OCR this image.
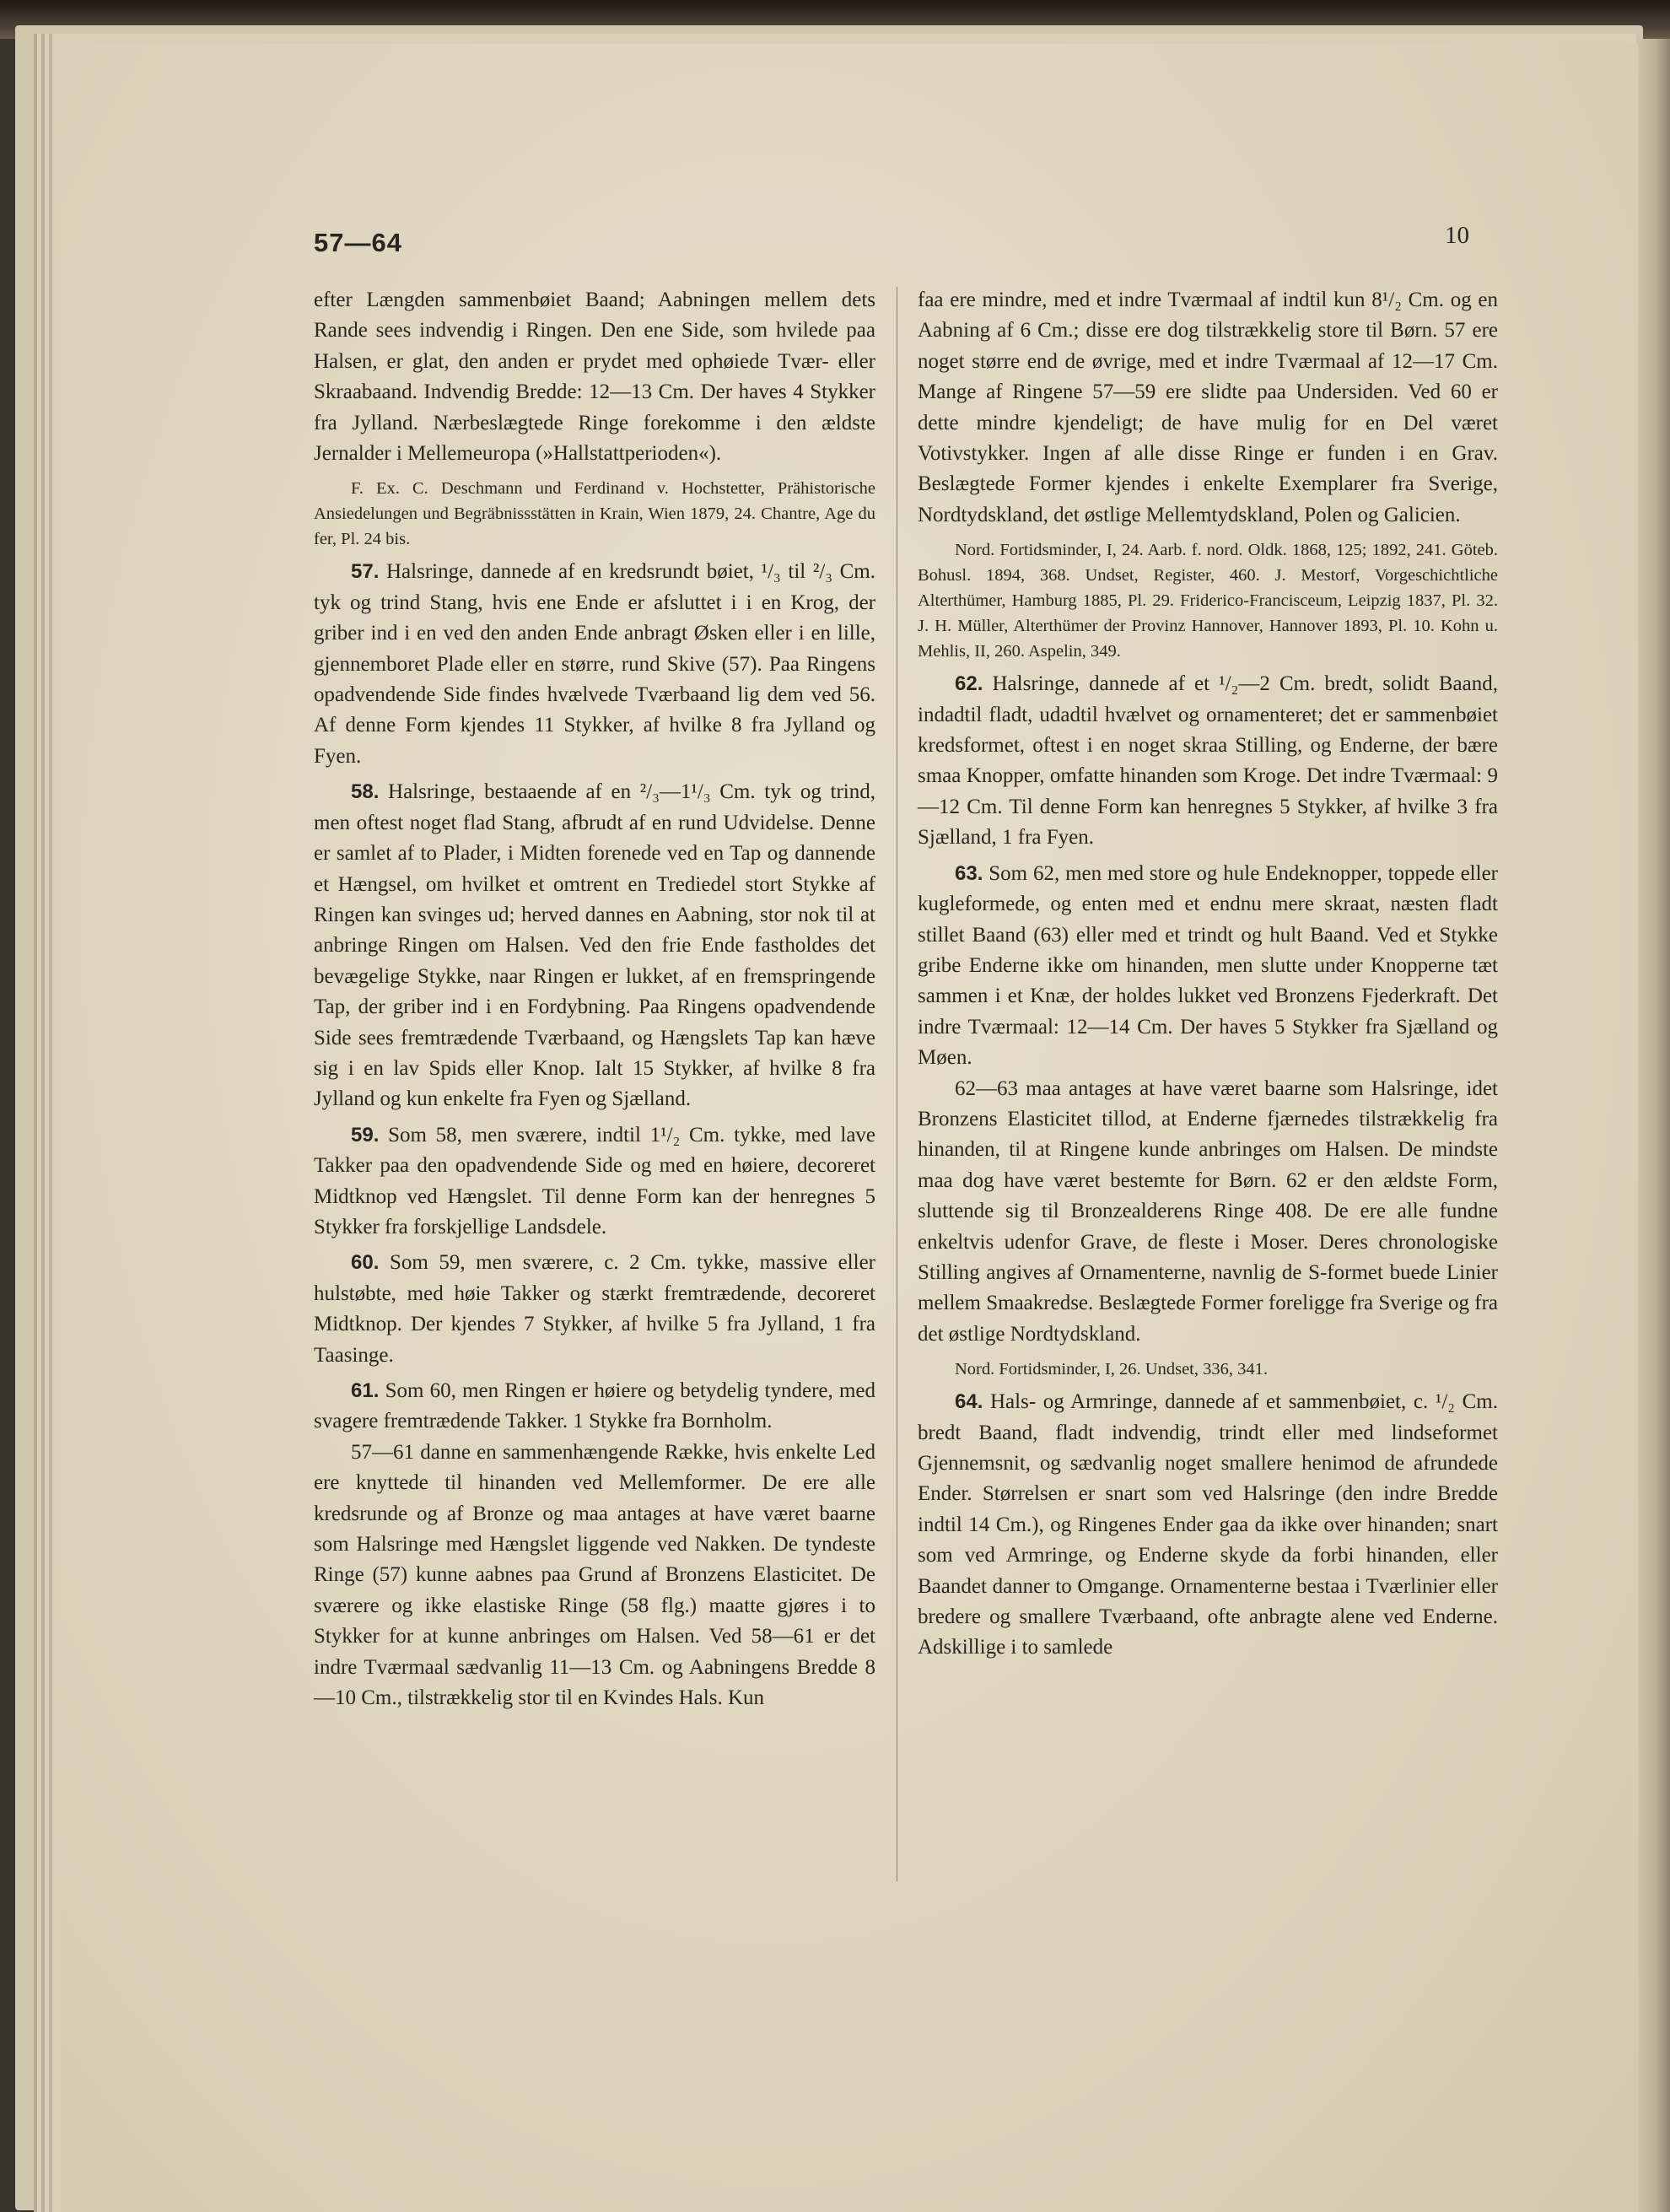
57—64	10

efter Længden sammenbøiet Baand; Aabningen mellem dets Rande sees indvendig i Ringen. Den ene Side, som hvilede paa Halsen, er glat, den anden er prydet med ophøiede Tvær- eller Skraabaand. Indvendig Bredde: 12—13 Cm. Der haves 4 Stykker fra Jylland. Nærbeslægtede Ringe forekomme i den ældste Jernalder i Mellemeuropa (»Hallstattperioden«).

F. Ex. C. Deschmann und Ferdinand v. Hochstetter, Prähistorische Ansiedelungen und Begräbnissstätten in Krain, Wien 1879, 24. Chantre, Age du fer, Pl. 24 bis.

57. Halsringe, dannede af en kredsrundt bøiet, ¹/₃ til ²/₃ Cm. tyk og trind Stang, hvis ene Ende er afsluttet i i en Krog, der griber ind i en ved den anden Ende anbragt Øsken eller i en lille, gjennemboret Plade eller en større, rund Skive (57). Paa Ringens opadvendende Side findes hvælvede Tværbaand lig dem ved 56. Af denne Form kjendes 11 Stykker, af hvilke 8 fra Jylland og Fyen.

58. Halsringe, bestaaende af en ²/₃—1¹/₃ Cm. tyk og trind, men oftest noget flad Stang, afbrudt af en rund Udvidelse. Denne er samlet af to Plader, i Midten forenede ved en Tap og dannende et Hængsel, om hvilket et omtrent en Trediedel stort Stykke af Ringen kan svinges ud; herved dannes en Aabning, stor nok til at anbringe Ringen om Halsen. Ved den frie Ende fastholdes det bevægelige Stykke, naar Ringen er lukket, af en fremspringende Tap, der griber ind i en Fordybning. Paa Ringens opadvendende Side sees fremtrædende Tværbaand, og Hængslets Tap kan hæve sig i en lav Spids eller Knop. Ialt 15 Stykker, af hvilke 8 fra Jylland og kun enkelte fra Fyen og Sjælland.

59. Som 58, men sværere, indtil 1¹/₂ Cm. tykke, med lave Takker paa den opadvendende Side og med en høiere, decoreret Midtknop ved Hængslet. Til denne Form kan der henregnes 5 Stykker fra forskjellige Landsdele.

60. Som 59, men sværere, c. 2 Cm. tykke, massive eller hulstøbte, med høie Takker og stærkt fremtrædende, decoreret Midtknop. Der kjendes 7 Stykker, af hvilke 5 fra Jylland, 1 fra Taasinge.

61. Som 60, men Ringen er høiere og betydelig tyndere, med svagere fremtrædende Takker. 1 Stykke fra Bornholm.

57—61 danne en sammenhængende Række, hvis enkelte Led ere knyttede til hinanden ved Mellemformer. De ere alle kredsrunde og af Bronze og maa antages at have været baarne som Halsringe med Hængslet liggende ved Nakken. De tyndeste Ringe (57) kunne aabnes paa Grund af Bronzens Elasticitet. De sværere og ikke elastiske Ringe (58 flg.) maatte gjøres i to Stykker for at kunne anbringes om Halsen. Ved 58—61 er det indre Tværmaal sædvanlig 11—13 Cm. og Aabningens Bredde 8—10 Cm., tilstrækkelig stor til en Kvindes Hals. Kun

faa ere mindre, med et indre Tværmaal af indtil kun 8¹/₂ Cm. og en Aabning af 6 Cm.; disse ere dog tilstrækkelig store til Børn. 57 ere noget større end de øvrige, med et indre Tværmaal af 12—17 Cm. Mange af Ringene 57—59 ere slidte paa Undersiden. Ved 60 er dette mindre kjendeligt; de have mulig for en Del været Votivstykker. Ingen af alle disse Ringe er funden i en Grav. Beslægtede Former kjendes i enkelte Exemplarer fra Sverige, Nordtydskland, det østlige Mellemtydskland, Polen og Galicien.

Nord. Fortidsminder, I, 24. Aarb. f. nord. Oldk. 1868, 125; 1892, 241. Göteb. Bohusl. 1894, 368. Undset, Register, 460. J. Mestorf, Vorgeschichtliche Alterthümer, Hamburg 1885, Pl. 29. Friderico-Franciscеum, Leipzig 1837, Pl. 32. J. H. Müller, Alterthümer der Provinz Hannover, Hannover 1893, Pl. 10. Kohn u. Mehlis, II, 260. Aspelin, 349.

62. Halsringe, dannede af et ¹/₂—2 Cm. bredt, solidt Baand, indadtil fladt, udadtil hvælvet og ornamenteret; det er sammenbøiet kredsformet, oftest i en noget skraa Stilling, og Enderne, der bære smaa Knopper, omfatte hinanden som Kroge. Det indre Tværmaal: 9—12 Cm. Til denne Form kan henregnes 5 Stykker, af hvilke 3 fra Sjælland, 1 fra Fyen.

63. Som 62, men med store og hule Endeknopper, toppede eller kugleformede, og enten med et endnu mere skraat, næsten fladt stillet Baand (63) eller med et trindt og hult Baand. Ved et Stykke gribe Enderne ikke om hinanden, men slutte under Knopperne tæt sammen i et Knæ, der holdes lukket ved Bronzens Fjederkraft. Det indre Tværmaal: 12—14 Cm. Der haves 5 Stykker fra Sjælland og Møen.

62—63 maa antages at have været baarne som Halsringe, idet Bronzens Elasticitet tillod, at Enderne fjærnedes tilstrækkelig fra hinanden, til at Ringene kunde anbringes om Halsen. De mindste maa dog have været bestemte for Børn. 62 er den ældste Form, sluttende sig til Bronzealderens Ringe 408. De ere alle fundne enkeltvis udenfor Grave, de fleste i Moser. Deres chronologiske Stilling angives af Ornamenterne, navnlig de S-formet buede Linier mellem Smaakredse. Beslægtede Former foreligge fra Sverige og fra det østlige Nordtydskland.

Nord. Fortidsminder, I, 26. Undset, 336, 341.

64. Hals- og Armringe, dannede af et sammenbøiet, c. ¹/₂ Cm. bredt Baand, fladt indvendig, trindt eller med lindseformet Gjennemsnit, og sædvanlig noget smallere henimod de afrundede Ender. Størrelsen er snart som ved Halsringe (den indre Bredde indtil 14 Cm.), og Ringenes Ender gaa da ikke over hinanden; snart som ved Armringe, og Enderne skyde da forbi hinanden, eller Baandet danner to Omgange. Ornamenterne bestaa i Tværlinier eller bredere og smallere Tværbaand, ofte anbragte alene ved Enderne. Adskillige i to samlede
